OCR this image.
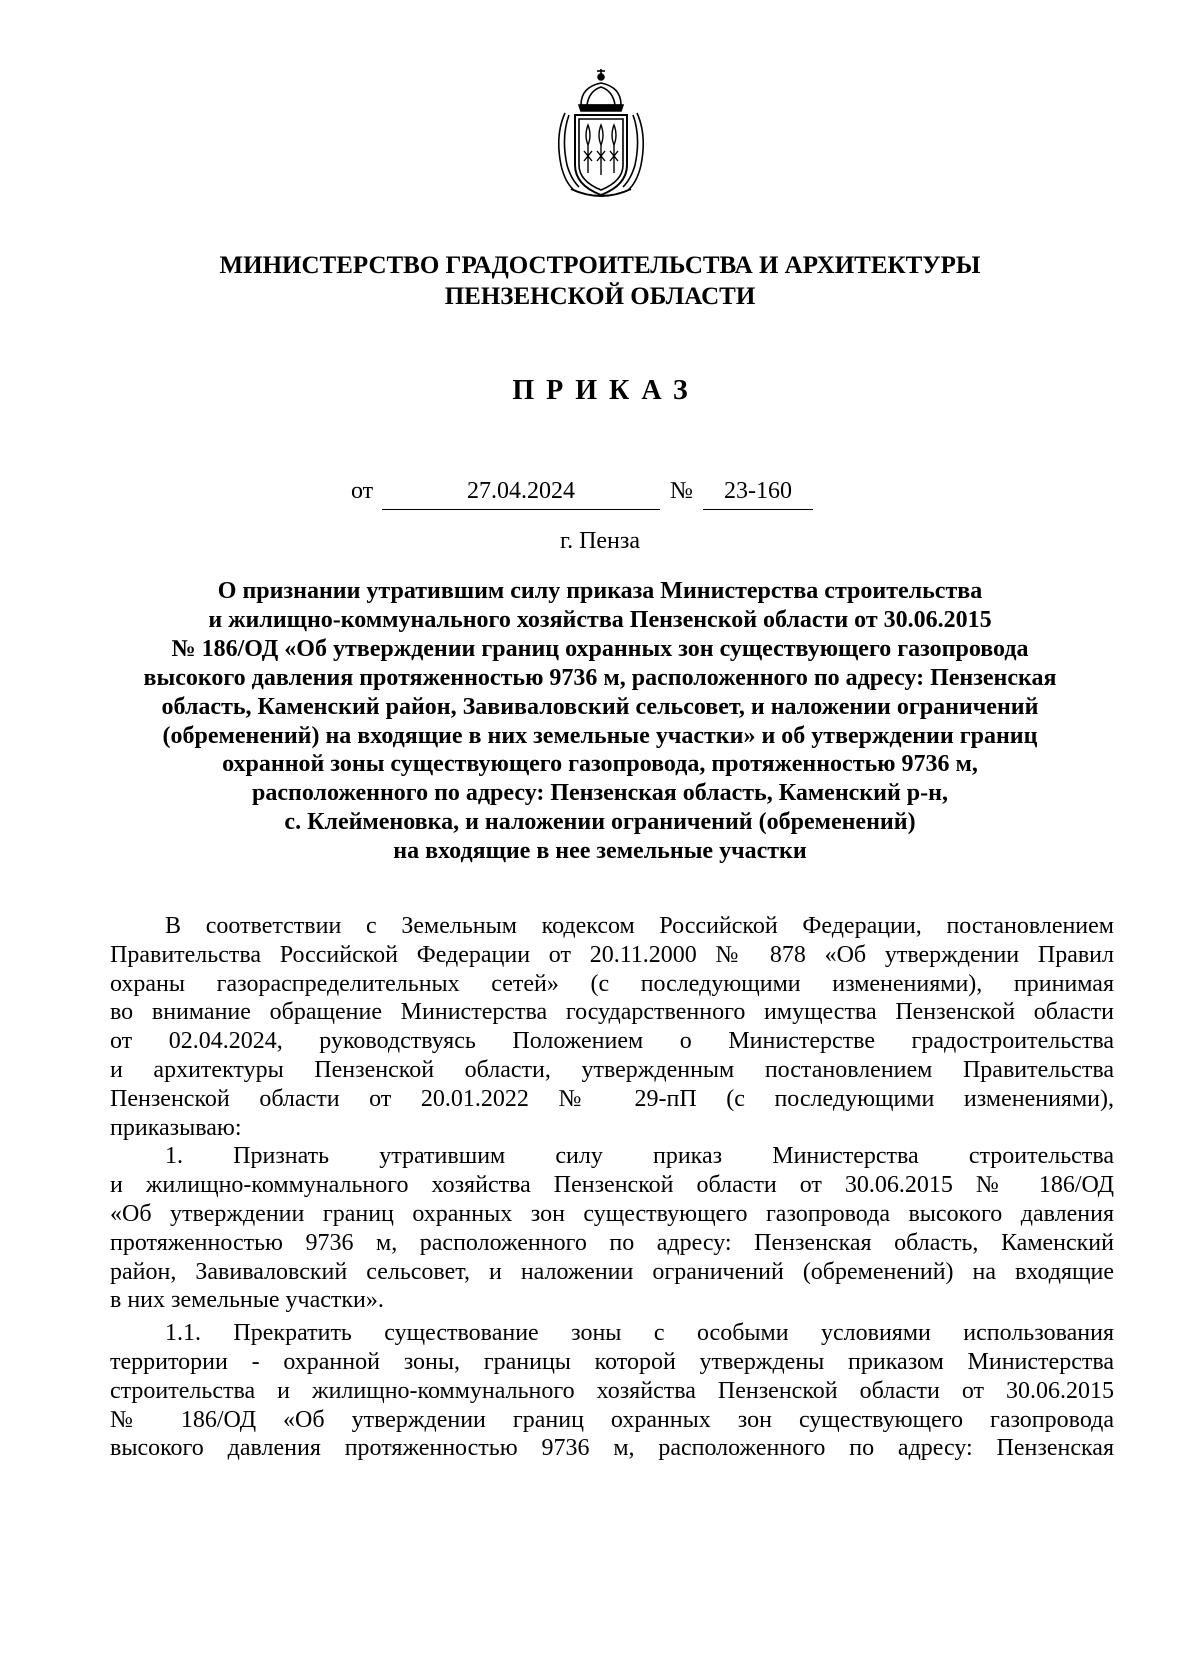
МИНИСТЕРСТВО ГРАДОСТРОИТЕЛЬСТВА И АРХИТЕКТУРЫ
ПЕНЗЕНСКОЙ ОБЛАСТИ
ПРИКАЗ
от	27.04.2024	№	23-160
г. Пенза
О признании утратившим силу приказа Министерства строительства
и жилищно-коммунального хозяйства Пензенской области от 30.06.2015
№ 186/ОД «Об утверждении границ охранных зон существующего газопровода
высокого давления протяженностью 9736 м, расположенного по адресу: Пензенская
область, Каменский район, Завиваловский сельсовет, и наложении ограничений
(обременений) на входящие в них земельные участки» и об утверждении границ
охранной зоны существующего газопровода, протяженностью 9736 м,
расположенного по адресу: Пензенская область, Каменский р-н,
с. Клейменовка, и наложении ограничений (обременений)
на входящие в нее земельные участки
В соответствии с Земельным кодексом Российской Федерации, постановлением
Правительства Российской Федерации от 20.11.2000 № 878 «Об утверждении Правил
охраны газораспределительных сетей» (с последующими изменениями), принимая
во внимание обращение Министерства государственного имущества Пензенской области
от 02.04.2024, руководствуясь Положением о Министерстве градостроительства
и архитектуры Пензенской области, утвержденным постановлением Правительства
Пензенской области от 20.01.2022 № 29-пП (с последующими изменениями),
приказываю:
1. Признать утратившим силу приказ Министерства строительства
и жилищно-коммунального хозяйства Пензенской области от 30.06.2015 № 186/ОД
«Об утверждении границ охранных зон существующего газопровода высокого давления
протяженностью 9736 м, расположенного по адресу: Пензенская область, Каменский
район, Завиваловский сельсовет, и наложении ограничений (обременений) на входящие
в них земельные участки».
1.1. Прекратить существование зоны с особыми условиями использования
территории - охранной зоны, границы которой утверждены приказом Министерства
строительства и жилищно-коммунального хозяйства Пензенской области от 30.06.2015
№ 186/ОД «Об утверждении границ охранных зон существующего газопровода
высокого давления протяженностью 9736 м, расположенного по адресу: Пензенская
